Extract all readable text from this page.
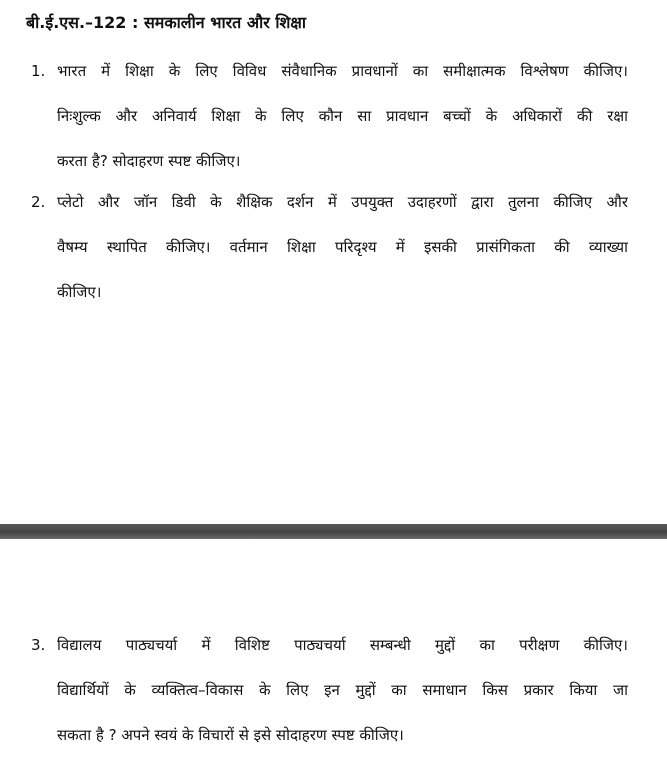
बी.ई.एस.–122 : समकालीन भारत और शिक्षा
1. भारत में शिक्षा के लिए विविध संवैधानिक प्रावधानों का समीक्षात्मक विश्लेषण कीजिए।
निःशुल्क और अनिवार्य शिक्षा के लिए कौन सा प्रावधान बच्चों के अधिकारों की रक्षा
करता है? सोदाहरण स्पष्ट कीजिए।

2. प्लेटो और जॉन डिवी के शैक्षिक दर्शन में उपयुक्त उदाहरणों द्वारा तुलना कीजिए और
वैषम्य स्थापित कीजिए। वर्तमान शिक्षा परिदृश्य में इसकी प्रासंगिकता की व्याख्या
कीजिए।

3. विद्यालय पाठ्यचर्या में विशिष्ट पाठ्यचर्या सम्बन्धी मुद्दों का परीक्षण कीजिए।
विद्यार्थियों के व्यक्तित्व–विकास के लिए इन मुद्दों का समाधान किस प्रकार किया जा
सकता है ? अपने स्वयं के विचारों से इसे सोदाहरण स्पष्ट कीजिए।
